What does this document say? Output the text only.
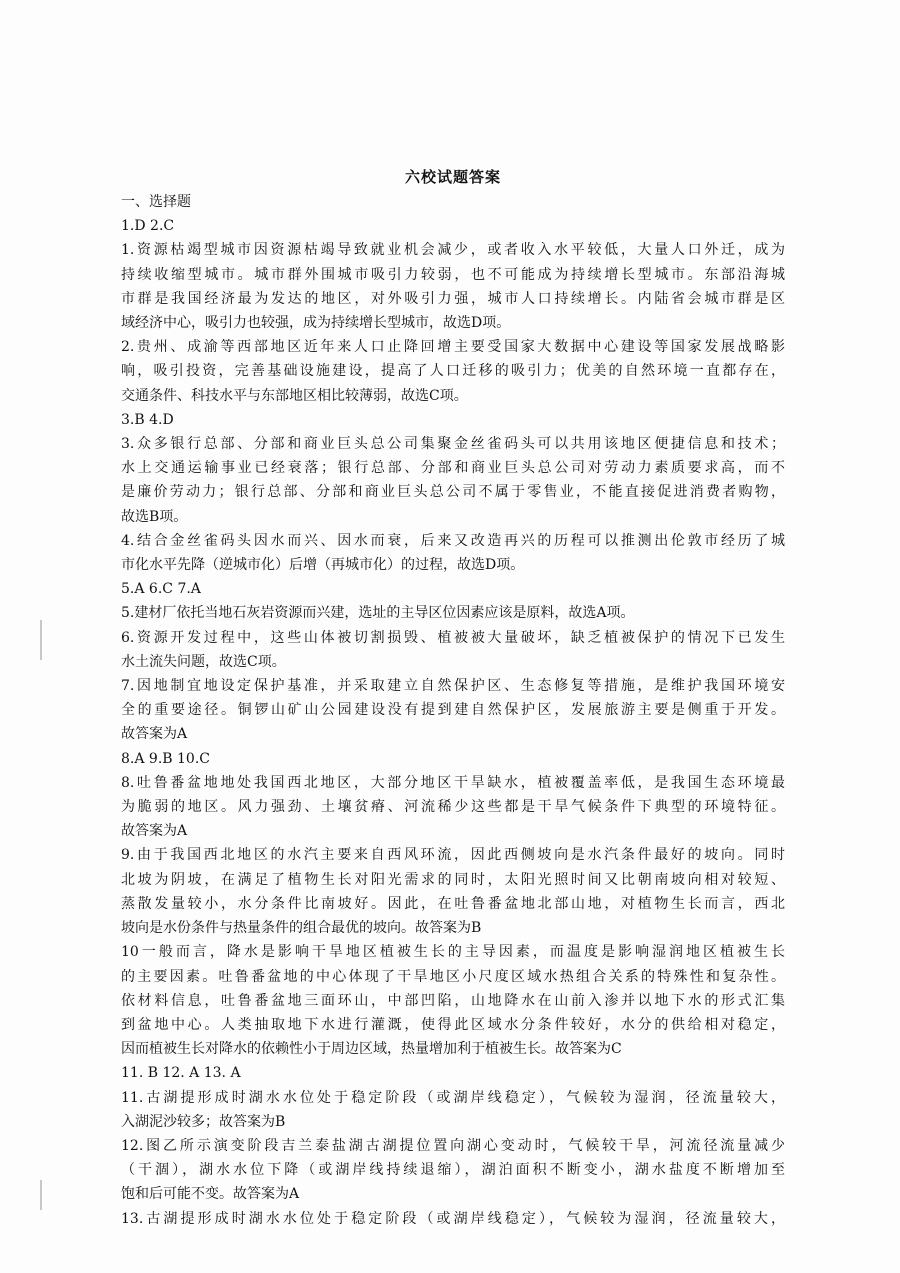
六校试题答案

一、选择题

1.D 2.C

1.资源枯竭型城市因资源枯竭导致就业机会减少，或者收入水平较低，大量人口外迁，成为

持续收缩型城市。城市群外围城市吸引力较弱，也不可能成为持续增长型城市。东部沿海城

市群是我国经济最为发达的地区，对外吸引力强，城市人口持续增长。内陆省会城市群是区

域经济中心，吸引力也较强，成为持续增长型城市，故选D项。

2.贵州、成渝等西部地区近年来人口止降回增主要受国家大数据中心建设等国家发展战略影

响，吸引投资，完善基础设施建设，提高了人口迁移的吸引力；优美的自然环境一直都存在，

交通条件、科技水平与东部地区相比较薄弱，故选C项。

3.B 4.D

3.众多银行总部、分部和商业巨头总公司集聚金丝雀码头可以共用该地区便捷信息和技术；

水上交通运输事业已经衰落；银行总部、分部和商业巨头总公司对劳动力素质要求高，而不

是廉价劳动力；银行总部、分部和商业巨头总公司不属于零售业，不能直接促进消费者购物，

故选B项。

4.结合金丝雀码头因水而兴、因水而衰，后来又改造再兴的历程可以推测出伦敦市经历了城

市化水平先降（逆城市化）后增（再城市化）的过程，故选D项。

5.A 6.C 7.A

5.建材厂依托当地石灰岩资源而兴建，选址的主导区位因素应该是原料，故选A项。

6.资源开发过程中，这些山体被切割损毁、植被被大量破坏，缺乏植被保护的情况下已发生

水土流失问题，故选C项。

7.因地制宜地设定保护基准，并采取建立自然保护区、生态修复等措施，是维护我国环境安

全的重要途径。铜锣山矿山公园建设没有提到建自然保护区，发展旅游主要是侧重于开发。

故答案为A

8.A 9.B 10.C

8.吐鲁番盆地地处我国西北地区，大部分地区干旱缺水，植被覆盖率低，是我国生态环境最

为脆弱的地区。风力强劲、土壤贫瘠、河流稀少这些都是干旱气候条件下典型的环境特征。

故答案为A

9.由于我国西北地区的水汽主要来自西风环流，因此西侧坡向是水汽条件最好的坡向。同时

北坡为阴坡，在满足了植物生长对阳光需求的同时，太阳光照时间又比朝南坡向相对较短、

蒸散发量较小，水分条件比南坡好。因此，在吐鲁番盆地北部山地，对植物生长而言，西北

坡向是水份条件与热量条件的组合最优的坡向。故答案为B

10一般而言，降水是影响干旱地区植被生长的主导因素，而温度是影响湿润地区植被生长

的主要因素。吐鲁番盆地的中心体现了干旱地区小尺度区域水热组合关系的特殊性和复杂性。

依材料信息，吐鲁番盆地三面环山，中部凹陷，山地降水在山前入渗并以地下水的形式汇集

到盆地中心。人类抽取地下水进行灌溉，使得此区域水分条件较好，水分的供给相对稳定，

因而植被生长对降水的依赖性小于周边区域，热量增加利于植被生长。故答案为C

11. B 12. A 13. A

11.古湖提形成时湖水水位处于稳定阶段（或湖岸线稳定），气候较为湿润，径流量较大，

入湖泥沙较多；故答案为B

12.图乙所示演变阶段吉兰泰盐湖古湖提位置向湖心变动时，气候较干旱，河流径流量减少

（干涸），湖水水位下降（或湖岸线持续退缩），湖泊面积不断变小，湖水盐度不断增加至

饱和后可能不变。故答案为A

13.古湖提形成时湖水水位处于稳定阶段（或湖岸线稳定），气候较为湿润，径流量较大，
